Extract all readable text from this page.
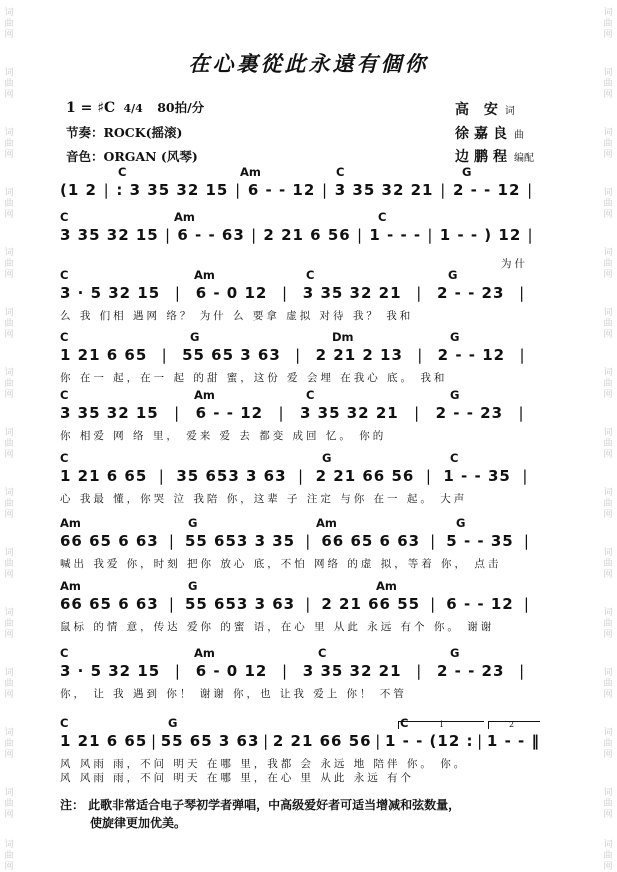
词
曲
网
词
曲
网
词
曲
网
词
曲
网
词
曲
网
词
曲
网
词
曲
网
词
曲
网
词
曲
网
词
曲
网
词
曲
网
词
曲
网
词
曲
网
词
曲
网
词
曲
网
词
曲
网
词
曲
网
词
曲
网
词
曲
网
词
曲
网
词
曲
网
词
曲
网
词
曲
网
词
曲
网
词
曲
网
词
曲
网
词
曲
网
词
曲
网
词
曲
网
词
曲
网
在心裏從此永遠有個你
1 = ♯C 4/4 80拍/分
节奏：ROCK(摇滚)
音色：ORGAN (风琴)
高 安 词
徐嘉良 曲
边鹏程 编配
C	Am	C	G
(1 2 | : 3 35 32 15 | 6 - - 12 | 3 35 32 21 | 2 - - 12 |
C	Am	C
3 35 32 15 | 6 - - 63 | 2 21 6 56 | 1 - - - | 1 - - ) 12 |
为什
C	Am	C	G
3 · 5 32 15 | 6 - 0 12 | 3 35 32 21 | 2 - - 23 |
么 我 们相 遇网 络？ 为什 么 要拿 虚拟 对待 我？ 我和
C	G	Dm	G
1 21 6 65 | 55 65 3 63 | 2 21 2 13 | 2 - - 12 |
你 在一 起，在一 起 的甜 蜜，这份 爱 会埋 在我心 底。 我和
C	Am	C	G
3 35 32 15 | 6 - - 12 | 3 35 32 21 | 2 - - 23 |
你 相爱 网 络 里， 爱来 爱 去 都变 成回 忆。 你的
C	G	C
1 21 6 65 | 35 653 3 63 | 2 21 66 56 | 1 - - 35 |
心 我最 懂，你哭 泣 我陪 你，这辈 子 注定 与你 在一 起。 大声
Am	G	Am	G
66 65 6 63 | 55 653 3 35 | 66 65 6 63 | 5 - - 35 |
喊出 我爱 你，时刻 把你 放心 底，不怕 网络 的虚 拟，等着 你， 点击
Am	G	Am
66 65 6 63 | 55 653 3 63 | 2 21 66 55 | 6 - - 12 |
鼠标 的情 意，传达 爱你 的蜜 语，在心 里 从此 永远 有个 你。 谢谢
C	Am	C	G
3 · 5 32 15 | 6 - 0 12 | 3 35 32 21 | 2 - - 23 |
你， 让 我 遇到 你！ 谢谢 你，也 让我 爱上 你！ 不管
C	G	C
1 21 6 65 | 55 65 3 63 | 2 21 66 56 | 1 - - (12 : | 1 - - ‖
风 风雨 雨，不问 明天 在哪 里，我都 会 永远 地 陪伴 你。 你。
风 风雨 雨，不问 明天 在哪 里，在心 里 从此 永远 有个
1	2
注： 此歌非常适合电子琴初学者弹唱，中高级爱好者可适当增减和弦数量，
使旋律更加优美。
